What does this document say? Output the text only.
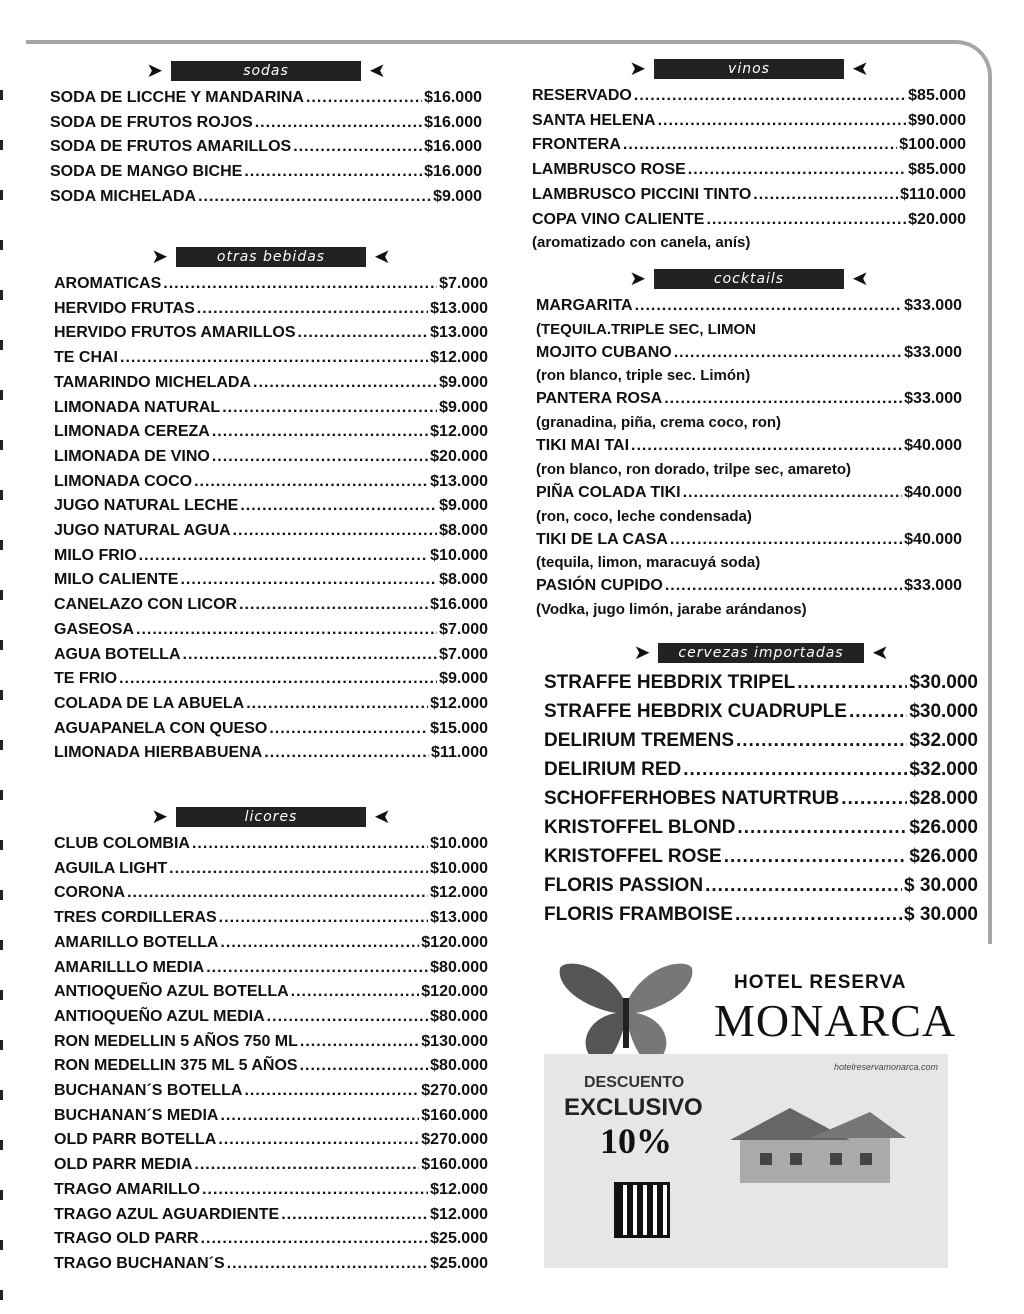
➤	sodas	➤
SODA DE LICCHE Y MANDARINA .....	$16.000
SODA DE FRUTOS ROJOS .....	$16.000
SODA DE FRUTOS AMARILLOS .....	$16.000
SODA DE MANGO BICHE .....	$16.000
SODA MICHELADA .....	$9.000
➤	otras bebidas	➤
AROMATICAS .....	$7.000
HERVIDO FRUTAS .....	$13.000
HERVIDO FRUTOS AMARILLOS .....	$13.000
TE CHAI .....	$12.000
TAMARINDO MICHELADA .....	$9.000
LIMONADA NATURAL .....	$9.000
LIMONADA CEREZA .....	$12.000
LIMONADA DE VINO .....	$20.000
LIMONADA COCO .....	$13.000
JUGO NATURAL LECHE .....	$9.000
JUGO NATURAL AGUA .....	$8.000
MILO FRIO .....	$10.000
MILO CALIENTE .....	$8.000
CANELAZO CON LICOR .....	$16.000
GASEOSA .....	$7.000
AGUA BOTELLA .....	$7.000
TE FRIO .....	$9.000
COLADA DE LA ABUELA .....	$12.000
AGUAPANELA CON QUESO .....	$15.000
LIMONADA HIERBABUENA .....	$11.000
➤	licores	➤
CLUB COLOMBIA .....	$10.000
AGUILA LIGHT .....	$10.000
CORONA .....	$12.000
TRES CORDILLERAS .....	$13.000
AMARILLO BOTELLA .....	$120.000
AMARILLLO MEDIA .....	$80.000
ANTIOQUEÑO AZUL BOTELLA .....	$120.000
ANTIOQUEÑO AZUL MEDIA .....	$80.000
RON MEDELLIN 5 AÑOS 750 ML .....	$130.000
RON MEDELLIN 375 ML 5 AÑOS .....	$80.000
BUCHANAN´S BOTELLA .....	$270.000
BUCHANAN´S MEDIA .....	$160.000
OLD PARR BOTELLA .....	$270.000
OLD PARR MEDIA .....	$160.000
TRAGO AMARILLO .....	$12.000
TRAGO AZUL AGUARDIENTE .....	$12.000
TRAGO OLD PARR .....	$25.000
TRAGO BUCHANAN´S .....	$25.000
➤	vinos	➤
RESERVADO .....	$85.000
SANTA HELENA .....	$90.000
FRONTERA .....	$100.000
LAMBRUSCO ROSE .....	$85.000
LAMBRUSCO PICCINI TINTO .....	$110.000
COPA VINO CALIENTE .....	$20.000
(aromatizado con canela, anís)
➤	cocktails	➤
MARGARITA .....	$33.000
(TEQUILA.TRIPLE SEC, LIMON
MOJITO CUBANO .....	$33.000
(ron blanco, triple sec. Limón)
PANTERA ROSA .....	$33.000
(granadina, piña, crema coco, ron)
TIKI MAI TAI .....	$40.000
(ron blanco, ron dorado, trilpe sec, amareto)
PIÑA COLADA TIKI .....	$40.000
(ron, coco, leche condensada)
TIKI DE LA CASA .....	$40.000
(tequila, limon, maracuyá soda)
PASIÓN CUPIDO .....	$33.000
(Vodka, jugo limón, jarabe arándanos)
➤	cervezas importadas	➤
STRAFFE HEBDRIX TRIPEL .....	$30.000
STRAFFE HEBDRIX CUADRUPLE .....	$30.000
DELIRIUM TREMENS .....	$32.000
DELIRIUM RED .....	$32.000
SCHOFFERHOBES NATURTRUB .....	$28.000
KRISTOFFEL BLOND .....	$26.000
KRISTOFFEL ROSE .....	$26.000
FLORIS PASSION .....	$ 30.000
FLORIS FRAMBOISE .....	$ 30.000
HOTEL RESERVA
MONARCA
hotelreservamonarca.com
DESCUENTO
EXCLUSIVO
10%
